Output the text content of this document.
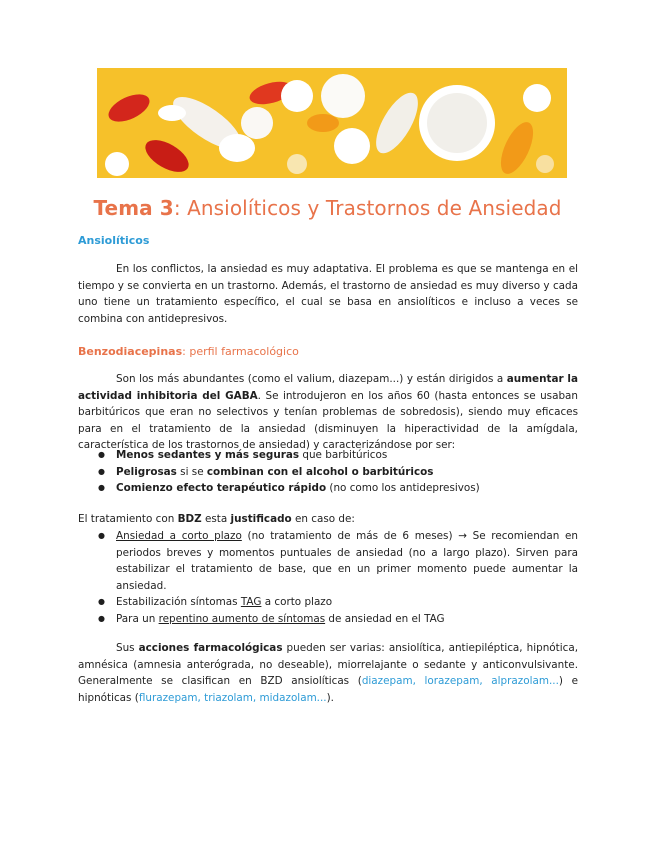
Tema 3: Ansiolíticos y Trastornos de Ansiedad
Ansiolíticos

En los conflictos, la ansiedad es muy adaptativa. El problema es que se mantenga en el tiempo y se convierta en un trastorno. Además, el trastorno de ansiedad es muy diverso y cada uno tiene un tratamiento específico, el cual se basa en ansiolíticos e incluso a veces se combina con antidepresivos.

Benzodiacepinas: perfil farmacológico

Son los más abundantes (como el valium, diazepam...) y están dirigidos a aumentar la actividad inhibitoria del GABA. Se introdujeron en los años 60 (hasta entonces se usaban barbitúricos que eran no selectivos y tenían problemas de sobredosis), siendo muy eficaces para en el tratamiento de la ansiedad (disminuyen la hiperactividad de la amígdala, característica de los trastornos de ansiedad) y caracterizándose por ser:

● Menos sedantes y más seguras que barbitúricos
● Peligrosas si se combinan con el alcohol o barbitúricos
● Comienzo efecto terapéutico rápido (no como los antidepresivos)

El tratamiento con BDZ esta justificado en caso de:

● Ansiedad a corto plazo (no tratamiento de más de 6 meses) → Se recomiendan en periodos breves y momentos puntuales de ansiedad (no a largo plazo). Sirven para estabilizar el tratamiento de base, que en un primer momento puede aumentar la ansiedad.
● Estabilización síntomas TAG a corto plazo
● Para un repentino aumento de síntomas de ansiedad en el TAG

Sus acciones farmacológicas pueden ser varias: ansiolítica, antiepiléptica, hipnótica, amnésica (amnesia anterógrada, no deseable), miorrelajante o sedante y anticonvulsivante. Generalmente se clasifican en BZD ansiolíticas (diazepam, lorazepam, alprazolam...) e hipnóticas (flurazepam, triazolam, midazolam...).
